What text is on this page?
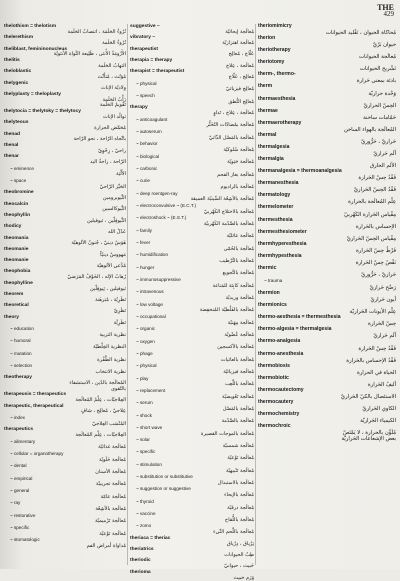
THE
429
thelothism = thelotism
نُرُوءُ الحَلَمَة ، انتصابُ الحَلَمة
thelerethism
نُرُوءُ الحَلَمة
theliblast, femininonucleus
الأَرُومَةُ الأُنثى ، ظَلِيعة النَّواة الأُنثويّة
thelitis
التهابُ الحَلَمة
theloblastic
مُؤنّث ، مُتأَنِّث
thelygenic
وِلاديّة الإناث
thelyplasty = theloplasty
رَأْبُ الحَلَمة
تَقْويمُ الحَلَمة
thelytocia = thelytoky = thelytocy
توالُد الإناث
thelyteous
مُحَمِّض الحرارة
thenad
باتِّجاه الرّاحة ، نحو الرّاحة
thenal
راحيّ ، رِحْوِيّ
thenar
الرّاحة ، راحةُ اليد
~ eminence
الأَلْيَة
~ space
الحَيِّز الرّاحيّ
theobromine
الثِّيوبرومين
theocalcin
الثِّيوكالسين
theophyllin
الثِّيوفِلّين ، ثيوفيلين
thodicy
عَدْلُ الله
theomania
هَوَسٌ دينيّ ، جُنونُ الألوهيّة
theomanie
مَهووسٌ دينيّاً
theomanie
مُدَّعي الألوهيّة
theophobia
رُهابُ الإله ، الخَوْفُ المَرَضيّ
theophylline
ثيوفيلين ، ثِيوفِلّين
theorem
نَظَرِيّة ، مُبَرهَنة
theoretical
نَظَرِيّ
theory
نَظَرِيَّة
~ education
نظرية التربية
~ humoral
النظرية الخِلْطيّة
~ mutation
نظرية الطَّفْرة
~ selection
نظرية الانتخاب
theotherapy
المُعالَجة بالدّين ، الاستشفاء
بالتّقوى
therapeusis = therapeutics
العِلاجيّات ، عِلْمُ المُعالَجة
therapeutic, therapeutical
عِلاجيّ ، مُعالِج ، شافٍ
~ index
المُنْسَب العِلاجيّ
therapeutics
العِلاجيّات ، عِلْم المُعالَجة
~ alimentary
مُعالَجة غذائيّة
~ cellular = organotherapy
مُعالَجة خَلَويّة
~ dental
مُعالَجة الأسنان
~ empirical
مُعالَجة تجريبيّة
~ general
مُعالَجة عامّة
~ ray
مُعالَجة بالأشِعّة
~ restorative
مُعالَجة تَرْميميّة
~ specific
مُعالَجة نَوْعيّة
~ stomatologic
مُداواة أمراض الفم
suggestive ~
مُعالَجة إيحائيّة
vibratory ~
مُعالَجة اهتزازيّة
therapeutist
عَلّاج ، مُعالِج
therapia = therapy
مُعالَجة ، عِلاج
therapist = therapeutist
مُعالِج ، عَلّاج
~ physical
مُعالِج فيزيائيّ
~ speech
مُعالِج النُّطق
therapy
مُعالَجة ، عِلاج ، تَداوٍ
~ anticoagulant
مُعالَجة بمُضادّات التّخَثُّر
~ autoserum
مُعالَجة بالمَصْل الذّاتيّ
~ behavior
مُعالَجة سُلوكيّة
~ biological
مُعالَجة حَيَويّة
~ carbonic
مُعالَجة بغاز الفحم
~ curie
مُعالَجة بالراديوم
~ deep roentgen-ray
مُعالَجة بالأشِعّة السِّينيّة العميقة
~ electroconvulsive ~ (E.C.T.)
مُعالَجة بالاختلاج الكَهْربيّ
~ electroshock ~ (E.S.T.)
مُعالَجة بالصَّدْمة الكَهْربيّة
~ family
مُعالَجة عائليّة
~ fever
مُعالَجة بالحُمّى
~ humidification
مُعالَجة بالتَّرْطيب
~ hunger
مُعالَجة بالتَّجويع
~ immunosuppressive
مُعالَجة كابِتَة للمَناعة
~ intravenous
مُعالَجة وريديّة
~ low voltage
مُعالَجة بالفَلْطيّة المُنخفِضة
~ occupational
مُعالَجة مِهَنيّة
~ organic
مُعالَجة عُضْويّة
~ oxygen
مُعالَجة بالأكسجين
~ phage
مُعالَجة بالعاثيات
~ physical
مُعالَجة فيزيائيّة
~ play
مُعالَجة باللَّعِب
~ replacement
مُعالَجة تَعْويضيّة
~ serum
مُعالَجة بالمَصْل
~ shock
مُعالَجة بالصَّدْمة
~ short wave
مُعالَجة بالموجات القصيرة
~ solar
مُعالَجة شمسيّة
~ specific
مُعالَجة نَوْعيّة
~ stimulation
مُعالَجة تَنْبيهيّة
~ substitution or substitutive
مُعالَجة بالاستبدال
~ suggestion or suggestive
مُعالَجة بالإيحاء
~ thyroid
مُعالَجة درقيّة
~ vaccine
مُعالَجة باللُّقاح
~ zomo
مُعالَجة باللَّحم النِّيء
theriaca = theriac
تِرْياق ، دِرْياق
theriatrics
طِبّ الحيوانات
theriodic
خَبيث ، حيوانيّ
therioma
وَرَم خبيث
theriomimicry
مُحاكاة الحيوان ، تَقْليد الحيوانات
therion
حيوان بَرّيّ
theriotherapy
مُعالَجة الحيوانات
theriotomy
تَشْريح الحيوانات
therm-, thermo-
بادئة بمعنى حَرارة
therm
وَحْدة حراريّة
thermaesthesia
الحِسّ الحراريّ
thermae
حَمّامات ساخنة
thermaerotherapy
المُعالَجة بالهواء الساخن
thermal
حَراريّ ، حَرُّوريّ
thermalgesia
ألَم حَراريّ
thermalgia
الألم الحارق
thermanalgesia = thermoanalgesia
فَقْدُ حِسّ الحَرارة
thermanesthesia
فَقْدُ الحِسّ الحَراريّ
thermatology
عِلْم المُعالَجة بالحرارة
thermelometer
مِقْياس الحَرارة الكَهْربيّ
thermesthesia
الإحساس بالحَرارة
thermesthesiometer
مِقْياس الحِسّ الحَراريّ
thermhyperesthesia
فَرْطُ حِسّ الحَرارة
thermhypesthesia
نَقْصُ حِسّ الحَرارة
thermic
حَراريّ ، حَرُّوريّ
~ trauma
رَضْح حَراريّ
thermion
أيون حَراريّ
thermionics
عِلْم الأيونات الحَراريّة
thermo-aesthesia = thermesthesia
حِسّ الحَرارة
thermo-algesia = thermalgesia
ألَم حَراريّ
thermo-analgesia
فَقْدُ حِسّ الحَرارة
thermo-anesthesia
فَقْدُ الإحساس بالحَرارة
thermobiosis
الحياة في الحرارة
thermobiotic
أليفُ الحَرارة
thermocautectomy
الاستئصال بالكيّ الحَراريّ
thermocautery
الكاوي الحَراريّ
thermochemistry
الكيمياء الحَراريّة
thermochroic
مُلَوِّن بالحرارة ، لا يَمْتَصّ
بعض الإشعاعات الحَراريّة
